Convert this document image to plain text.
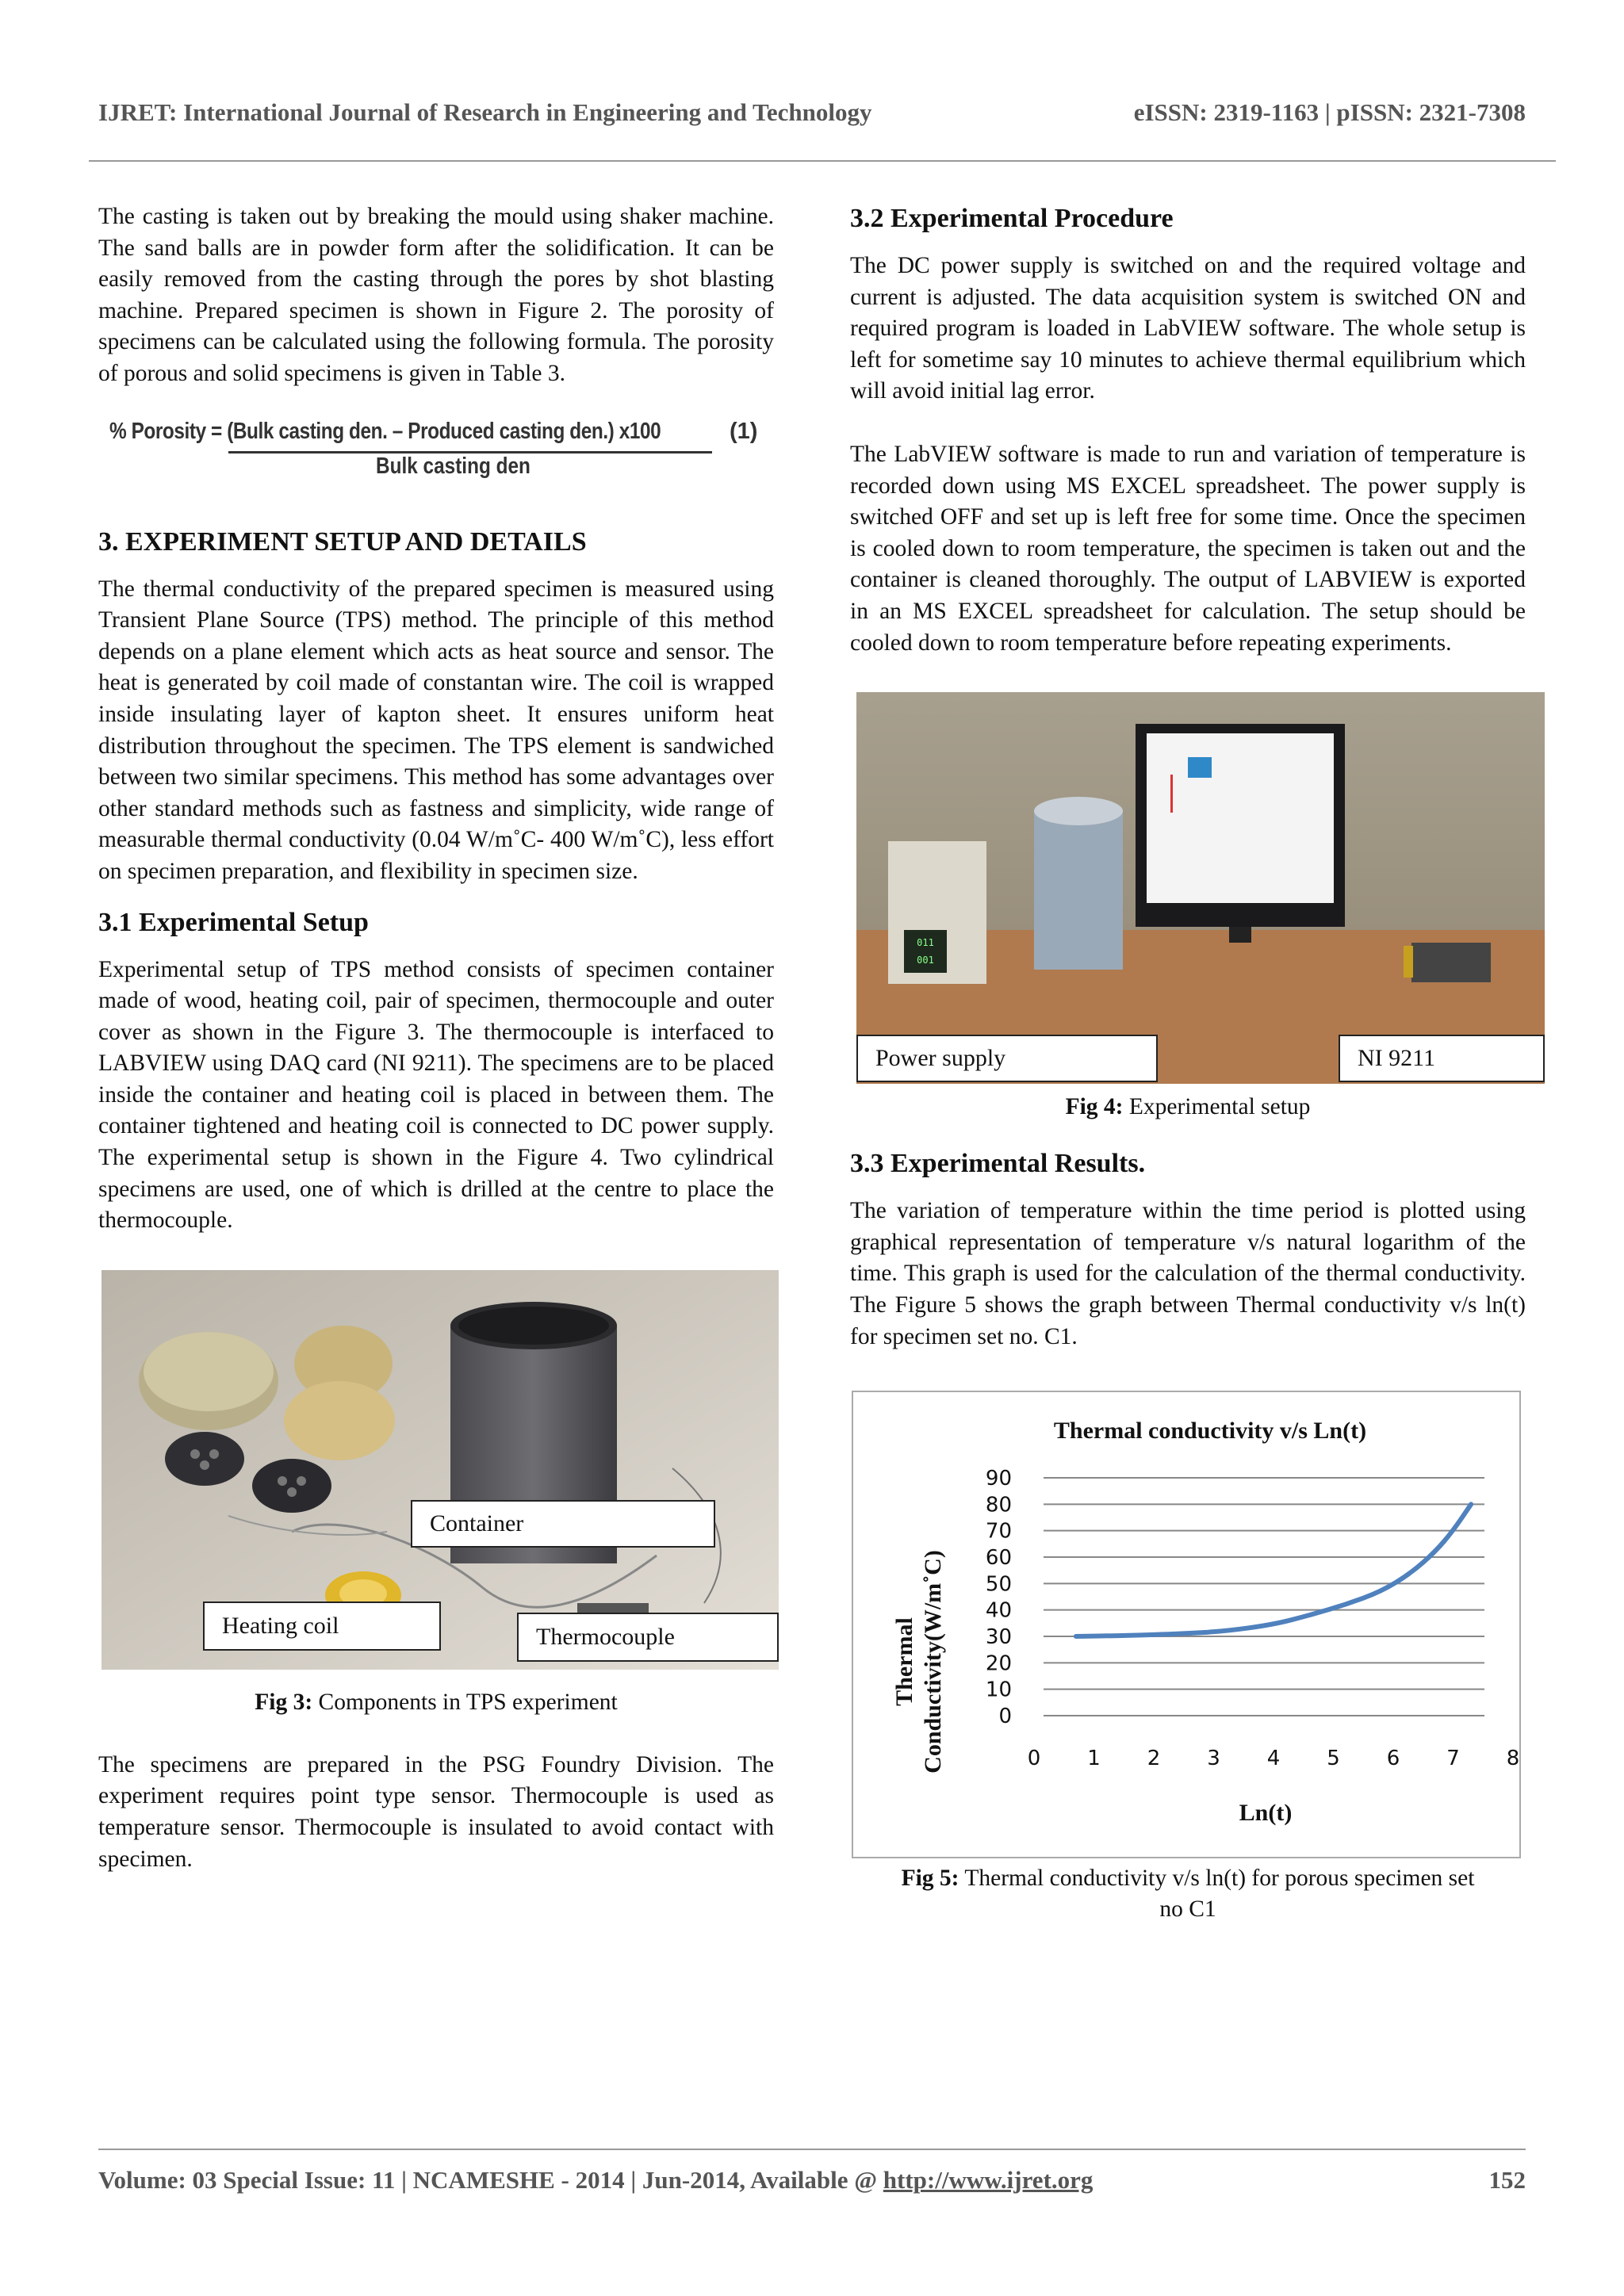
IJRET: International Journal of Research in Engineering and Technology	eISSN: 2319-1163 | pISSN: 2321-7308

The casting is taken out by breaking the mould using shaker machine. The sand balls are in powder form after the solidification. It can be easily removed from the casting through the pores by shot blasting machine. Prepared specimen is shown in Figure 2. The porosity of specimens can be calculated using the following formula. The porosity of porous and solid specimens is given in Table 3.

% Porosity = (Bulk casting den. – Produced casting den.) x100
Bulk casting den
(1)
3. EXPERIMENT SETUP AND DETAILS

The thermal conductivity of the prepared specimen is measured using Transient Plane Source (TPS) method. The principle of this method depends on a plane element which acts as heat source and sensor. The heat is generated by coil made of constantan wire. The coil is wrapped inside insulating layer of kapton sheet. It ensures uniform heat distribution throughout the specimen. The TPS element is sandwiched between two similar specimens. This method has some advantages over other standard methods such as fastness and simplicity, wide range of measurable thermal conductivity (0.04 W/m˚C- 400 W/m˚C), less effort on specimen preparation, and flexibility in specimen size.

3.1 Experimental Setup

Experimental setup of TPS method consists of specimen container made of wood, heating coil, pair of specimen, thermocouple and outer cover as shown in the Figure 3. The thermocouple is interfaced to LABVIEW using DAQ card (NI 9211). The specimens are to be placed inside the container and heating coil is placed in between them. The container tightened and heating coil is connected to DC power supply. The experimental setup is shown in the Figure 4. Two cylindrical specimens are used, one of which is drilled at the centre to place the thermocouple.

Container
Heating coil	Thermocouple

Fig 3: Components in TPS experiment

The specimens are prepared in the PSG Foundry Division. The experiment requires point type sensor. Thermocouple is used as temperature sensor. Thermocouple is insulated to avoid contact with specimen.

3.2 Experimental Procedure

The DC power supply is switched on and the required voltage and current is adjusted. The data acquisition system is switched ON and required program is loaded in LabVIEW software. The whole setup is left for sometime say 10 minutes to achieve thermal equilibrium which will avoid initial lag error.

The LabVIEW software is made to run and variation of temperature is recorded down using MS EXCEL spreadsheet. The power supply is switched OFF and set up is left free for some time. Once the specimen is cooled down to room temperature, the specimen is taken out and the container is cleaned thoroughly. The output of LABVIEW is exported in an MS EXCEL spreadsheet for calculation. The setup should be cooled down to room temperature before repeating experiments.

011
001
Power supply	NI 9211

Fig 4: Experimental setup

3.3 Experimental Results.

The variation of temperature within the time period is plotted using graphical representation of temperature v/s natural logarithm of the time. This graph is used for the calculation of the thermal conductivity. The Figure 5 shows the graph between Thermal conductivity v/s ln(t) for specimen set no. C1.

Thermal conductivity v/s Ln(t)
0
10
20
30
40
50
60
70
80
90
0 1 2 3 4 5 6 7 8
Thermal Conductivity(W/m˚C)
Ln(t)

Fig 5: Thermal conductivity v/s ln(t) for porous specimen set
no C1

Volume: 03 Special Issue: 11 | NCAMESHE - 2014 | Jun-2014, Available @ http://www.ijret.org	152
